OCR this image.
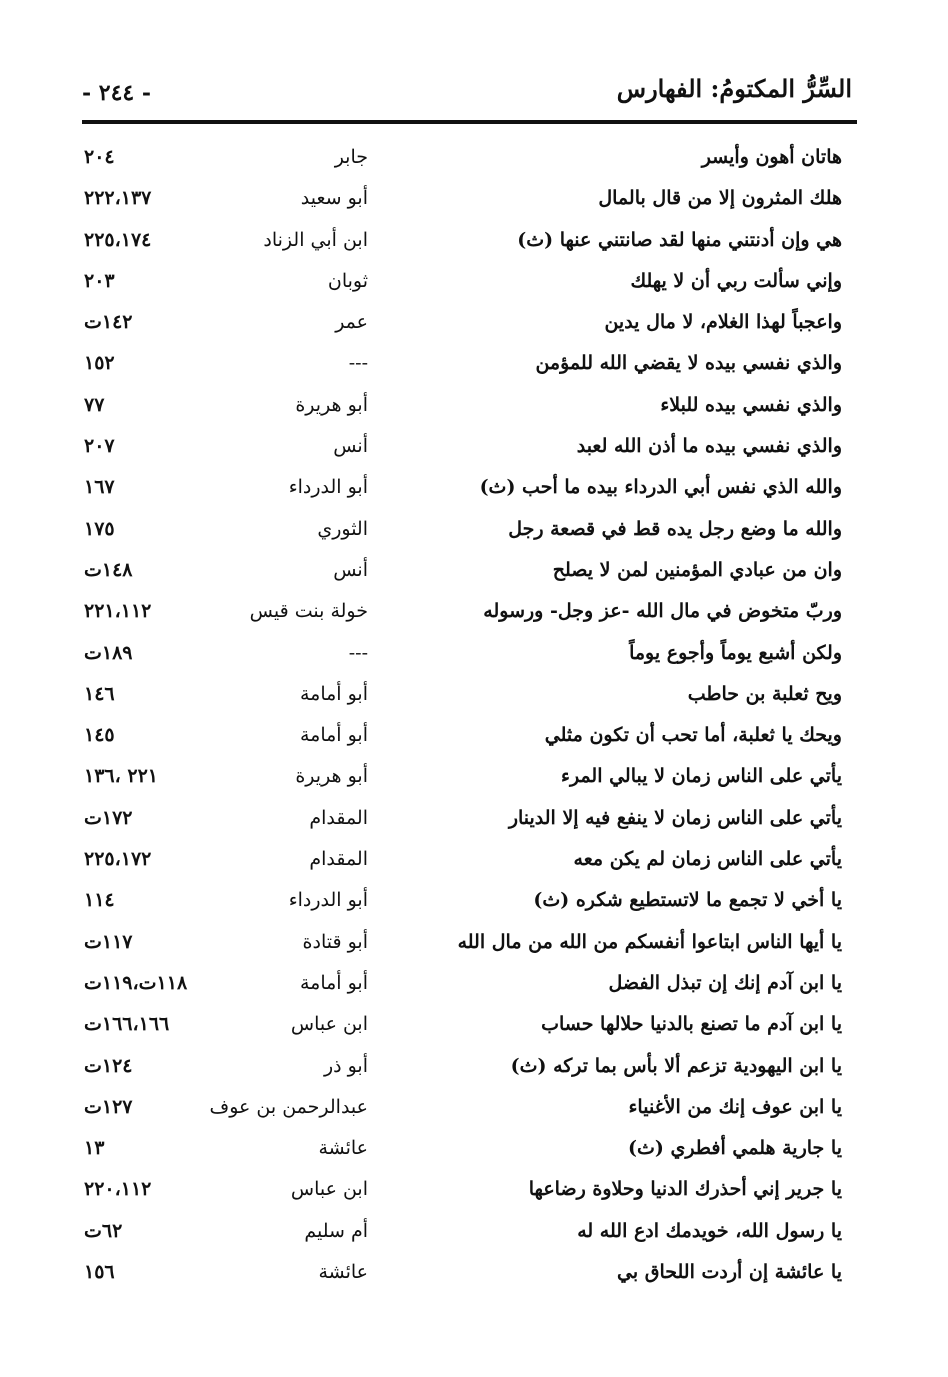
السِّرُّ المكتومُ: الفهارس
- ٢٤٤ -
هاتان أهون وأيسر
جابر
٢٠٤
هلك المثرون إلا من قال بالمال
أبو سعيد
٢٢٢،١٣٧
هي وإن أدنتني منها لقد صانتني عنها (ث)
ابن أبي الزناد
٢٢٥،١٧٤
وإني سألت ربي أن لا يهلك
ثوبان
٢٠٣
واعجباً لهذا الغلام، لا مال يدين
عمر
١٤٢ت
والذي نفسي بيده لا يقضي الله للمؤمن
---
١٥٢
والذي نفسي بيده للبلاء
أبو هريرة
٧٧
والذي نفسي بيده ما أذن الله لعبد
أنس
٢٠٧
والله الذي نفس أبي الدرداء بيده ما أحب (ث)
أبو الدرداء
١٦٧
والله ما وضع رجل يده قط في قصعة رجل
الثوري
١٧٥
وان من عبادي المؤمنين لمن لا يصلح
أنس
١٤٨ت
وربّ متخوض في مال الله -عز وجل- ورسوله
خولة بنت قيس
٢٢١،١١٢
ولكن أشبع يوماً وأجوع يوماً
---
١٨٩ت
ويح ثعلبة بن حاطب
أبو أمامة
١٤٦
ويحك يا ثعلبة، أما تحب أن تكون مثلي
أبو أمامة
١٤٥
يأتي على الناس زمان لا يبالي المرء
أبو هريرة
٢٢١ ،١٣٦
يأتي على الناس زمان لا ينفع فيه إلا الدينار
المقدام
١٧٢ت
يأتي على الناس زمان لم يكن معه
المقدام
٢٢٥،١٧٢
يا أخي لا تجمع ما لاتستطيع شكره (ث)
أبو الدرداء
١١٤
يا أيها الناس ابتاعوا أنفسكم من الله من مال الله
أبو قتادة
١١٧ت
يا ابن آدم إنك إن تبذل الفضل
أبو أمامة
١١٨ت،١١٩ت
يا ابن آدم ما تصنع بالدنيا حلالها حساب
ابن عباس
١٦٦،١٦٦ت
يا ابن اليهودية تزعم ألا بأس بما تركه (ث)
أبو ذر
١٢٤ت
يا ابن عوف إنك من الأغنياء
عبدالرحمن بن عوف
١٢٧ت
يا جارية هلمي أفطري (ث)
عائشة
١٣
يا جرير إني أحذرك الدنيا وحلاوة رضاعها
ابن عباس
٢٢٠،١١٢
يا رسول الله، خويدمك ادع الله له
أم سليم
٦٢ت
يا عائشة إن أردت اللحاق بي
عائشة
١٥٦
